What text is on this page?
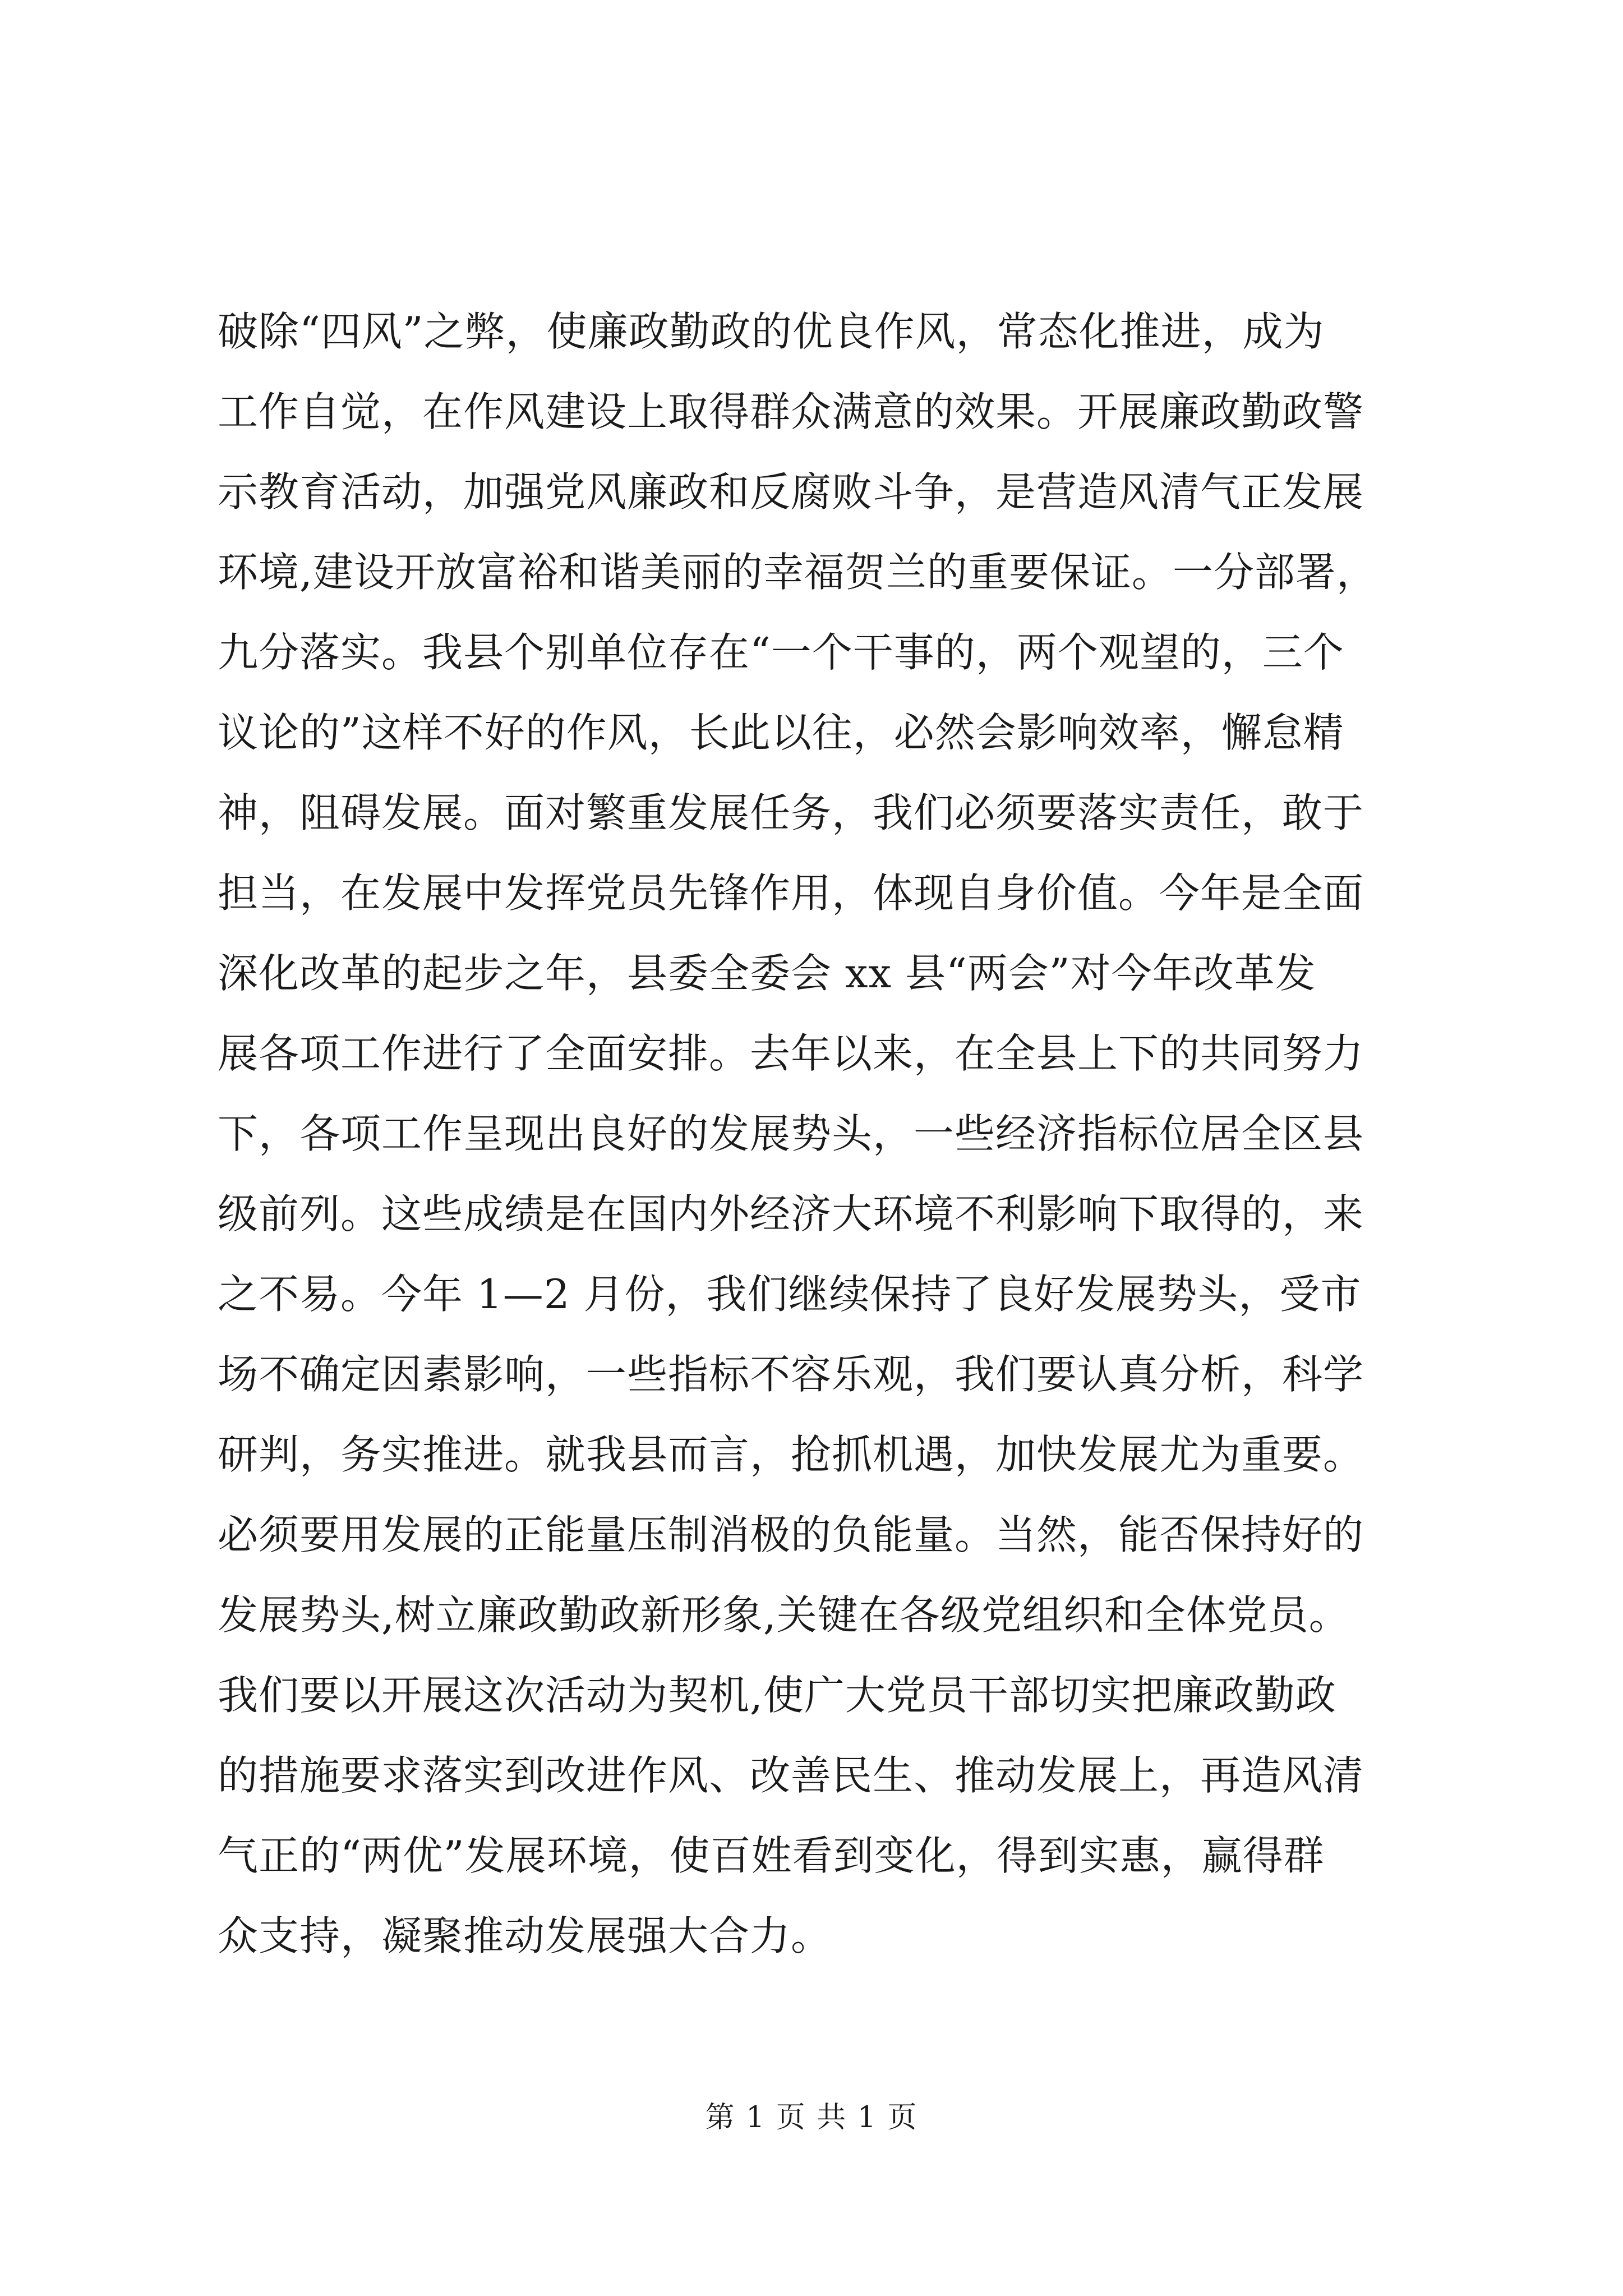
破除“四风”之弊，使廉政勤政的优良作风，常态化推进，成为
工作自觉，在作风建设上取得群众满意的效果。开展廉政勤政警
示教育活动，加强党风廉政和反腐败斗争，是营造风清气正发展
环境,建设开放富裕和谐美丽的幸福贺兰的重要保证。一分部署，
九分落实。我县个别单位存在“一个干事的，两个观望的，三个
议论的”这样不好的作风，长此以往，必然会影响效率，懈怠精
神，阻碍发展。面对繁重发展任务，我们必须要落实责任，敢于
担当，在发展中发挥党员先锋作用，体现自身价值。今年是全面
深化改革的起步之年，县委全委会 xx 县“两会”对今年改革发
展各项工作进行了全面安排。去年以来，在全县上下的共同努力
下，各项工作呈现出良好的发展势头，一些经济指标位居全区县
级前列。这些成绩是在国内外经济大环境不利影响下取得的，来
之不易。今年 1—2 月份，我们继续保持了良好发展势头，受市
场不确定因素影响，一些指标不容乐观，我们要认真分析，科学
研判，务实推进。就我县而言，抢抓机遇，加快发展尤为重要。
必须要用发展的正能量压制消极的负能量。当然，能否保持好的
发展势头,树立廉政勤政新形象,关键在各级党组织和全体党员。
我们要以开展这次活动为契机,使广大党员干部切实把廉政勤政
的措施要求落实到改进作风、改善民生、推动发展上，再造风清
气正的“两优”发展环境，使百姓看到变化，得到实惠，赢得群
众支持，凝聚推动发展强大合力。
第 1 页 共 1 页
